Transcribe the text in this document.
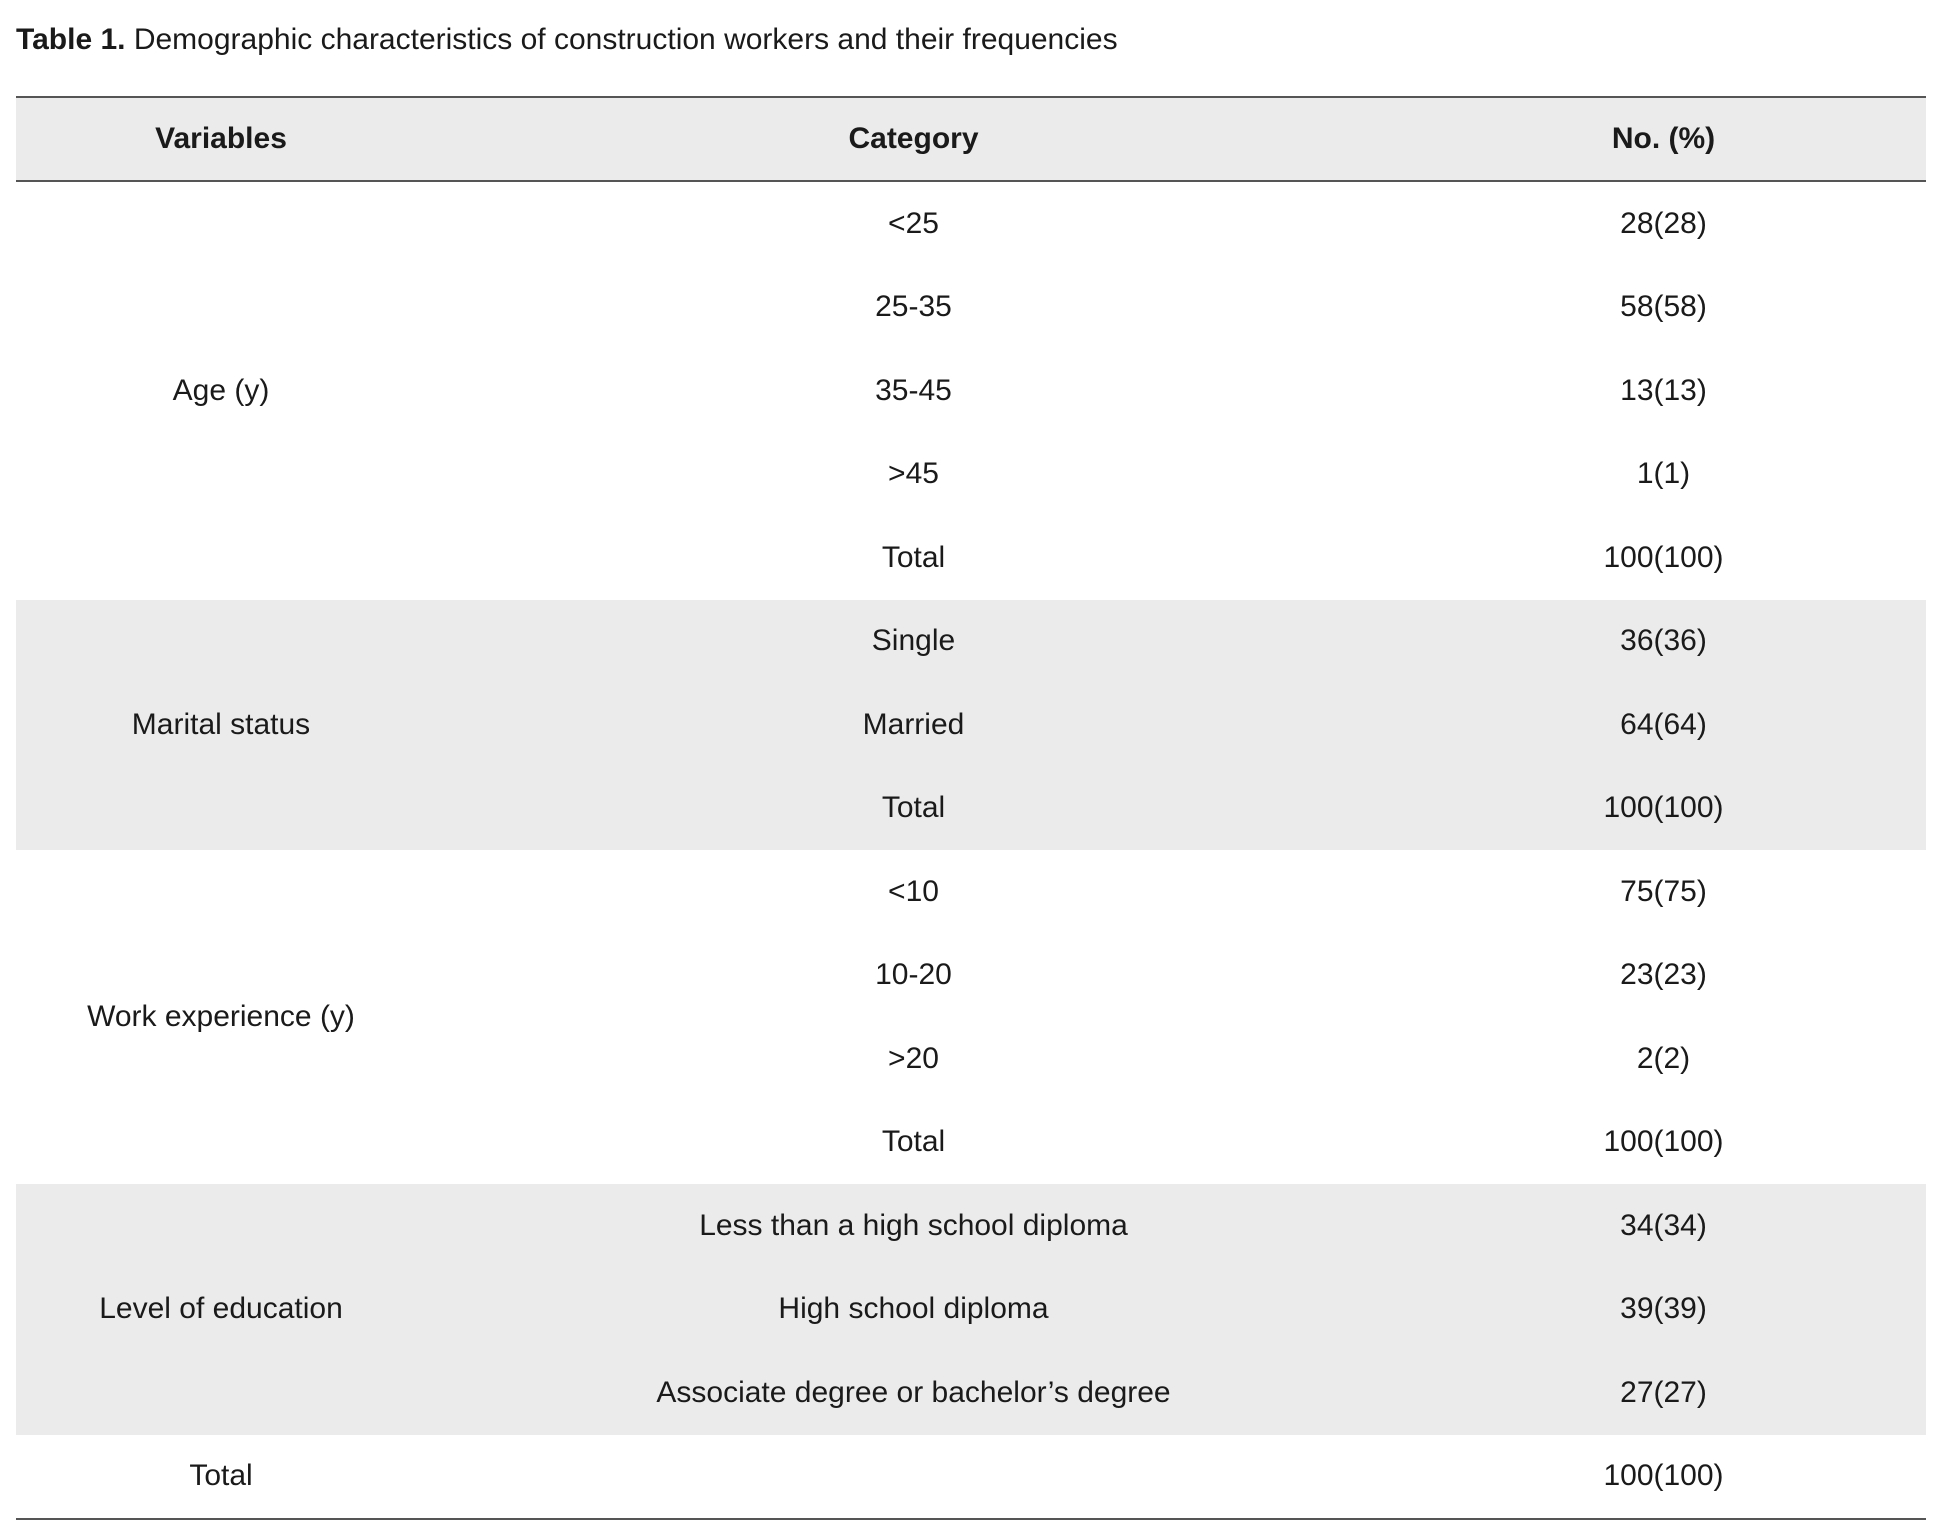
Table 1. Demographic characteristics of construction workers and their frequencies
Variables	Category	No. (%)
Age (y)	<25	28(28)
	25-35	58(58)
	35-45	13(13)
	>45	1(1)
	Total	100(100)
Marital status	Single	36(36)
	Married	64(64)
	Total	100(100)
Work experience (y)	<10	75(75)
	10-20	23(23)
	>20	2(2)
	Total	100(100)
Level of education	Less than a high school diploma	34(34)
	High school diploma	39(39)
	Associate degree or bachelor’s degree	27(27)
Total		100(100)
